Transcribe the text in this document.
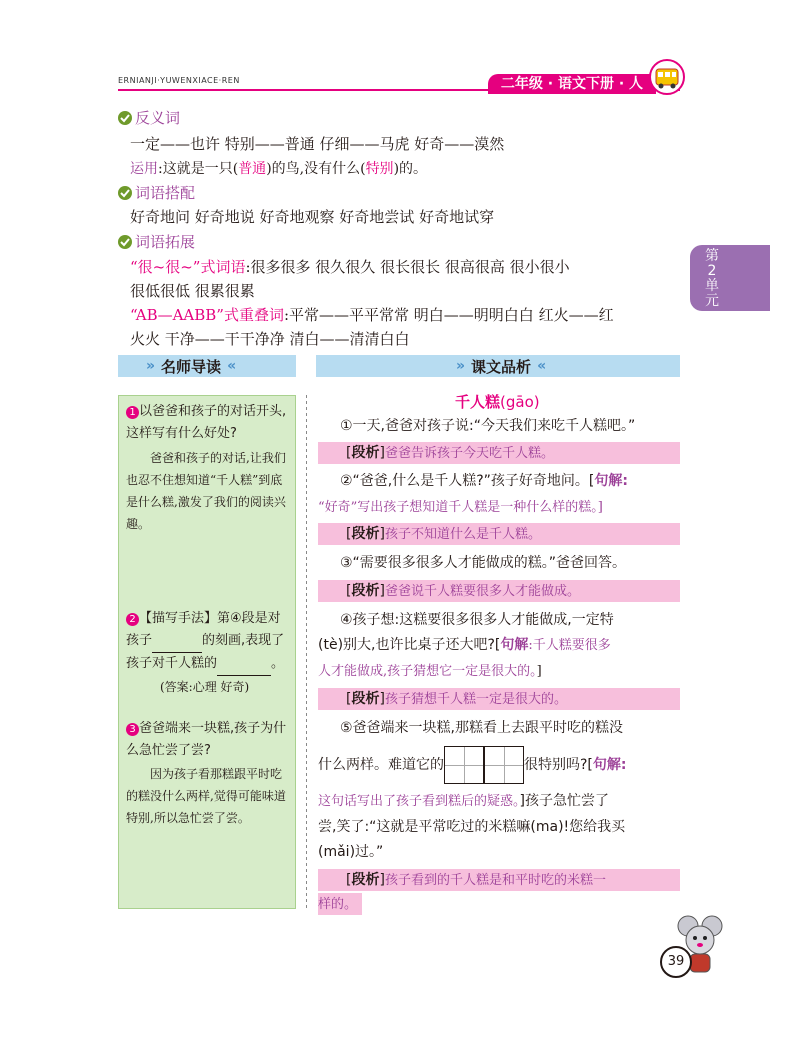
ERNIANJI·YUWENXIACE·REN	二年级 · 语文下册 · 人
第
2
单
元
反义词
一定——也许 特别——普通 仔细——马虎 好奇——漠然
运用:这就是一只(普通)的鸟,没有什么(特别)的。
词语搭配
好奇地问 好奇地说 好奇地观察 好奇地尝试 好奇地试穿
词语拓展
“很~很~”式词语:很多很多 很久很久 很长很长 很高很高 很小很小
很低很低 很累很累
“AB—AABB”式重叠词:平常——平平常常 明白——明明白白 红火——红
火火 干净——干干净净 清白——清清白白
» 名师导读 «	» 课文品析 «
1 以爸爸和孩子的对话开头,这样写有什么好处?
爸爸和孩子的对话,让我们也忍不住想知道“千人糕”到底是什么糕,激发了我们的阅读兴趣。
2 【描写手法】第④段是对孩子	的刻画,表现了孩子对千人糕的	。
(答案:心理 好奇)
3 爸爸端来一块糕,孩子为什么急忙尝了尝?
因为孩子看那糕跟平时吃的糕没什么两样,觉得可能味道特别,所以急忙尝了尝。
千人糕(gāo)
①一天,爸爸对孩子说:“今天我们来吃千人糕吧。”
[段析]爸爸告诉孩子今天吃千人糕。
②“爸爸,什么是千人糕?”孩子好奇地问。[句解:
“好奇”写出孩子想知道千人糕是一种什么样的糕。]
[段析]孩子不知道什么是千人糕。
③“需要很多很多人才能做成的糕。”爸爸回答。
[段析]爸爸说千人糕要很多人才能做成。
④孩子想:这糕要很多很多人才能做成,一定特
(tè)别大,也许比桌子还大吧?[句解:千人糕要很多
人才能做成,孩子猜想它一定是很大的。]
[段析]孩子猜想千人糕一定是很大的。
⑤爸爸端来一块糕,那糕看上去跟平时吃的糕没
什么两样。难道它的	很特别吗?[句解:
这句话写出了孩子看到糕后的疑惑。]孩子急忙尝了
尝,笑了:“这就是平常吃过的米糕嘛(ma)!您给我买
(mǎi)过。”
[段析]孩子看到的千人糕是和平时吃的米糕一
样的。
39
